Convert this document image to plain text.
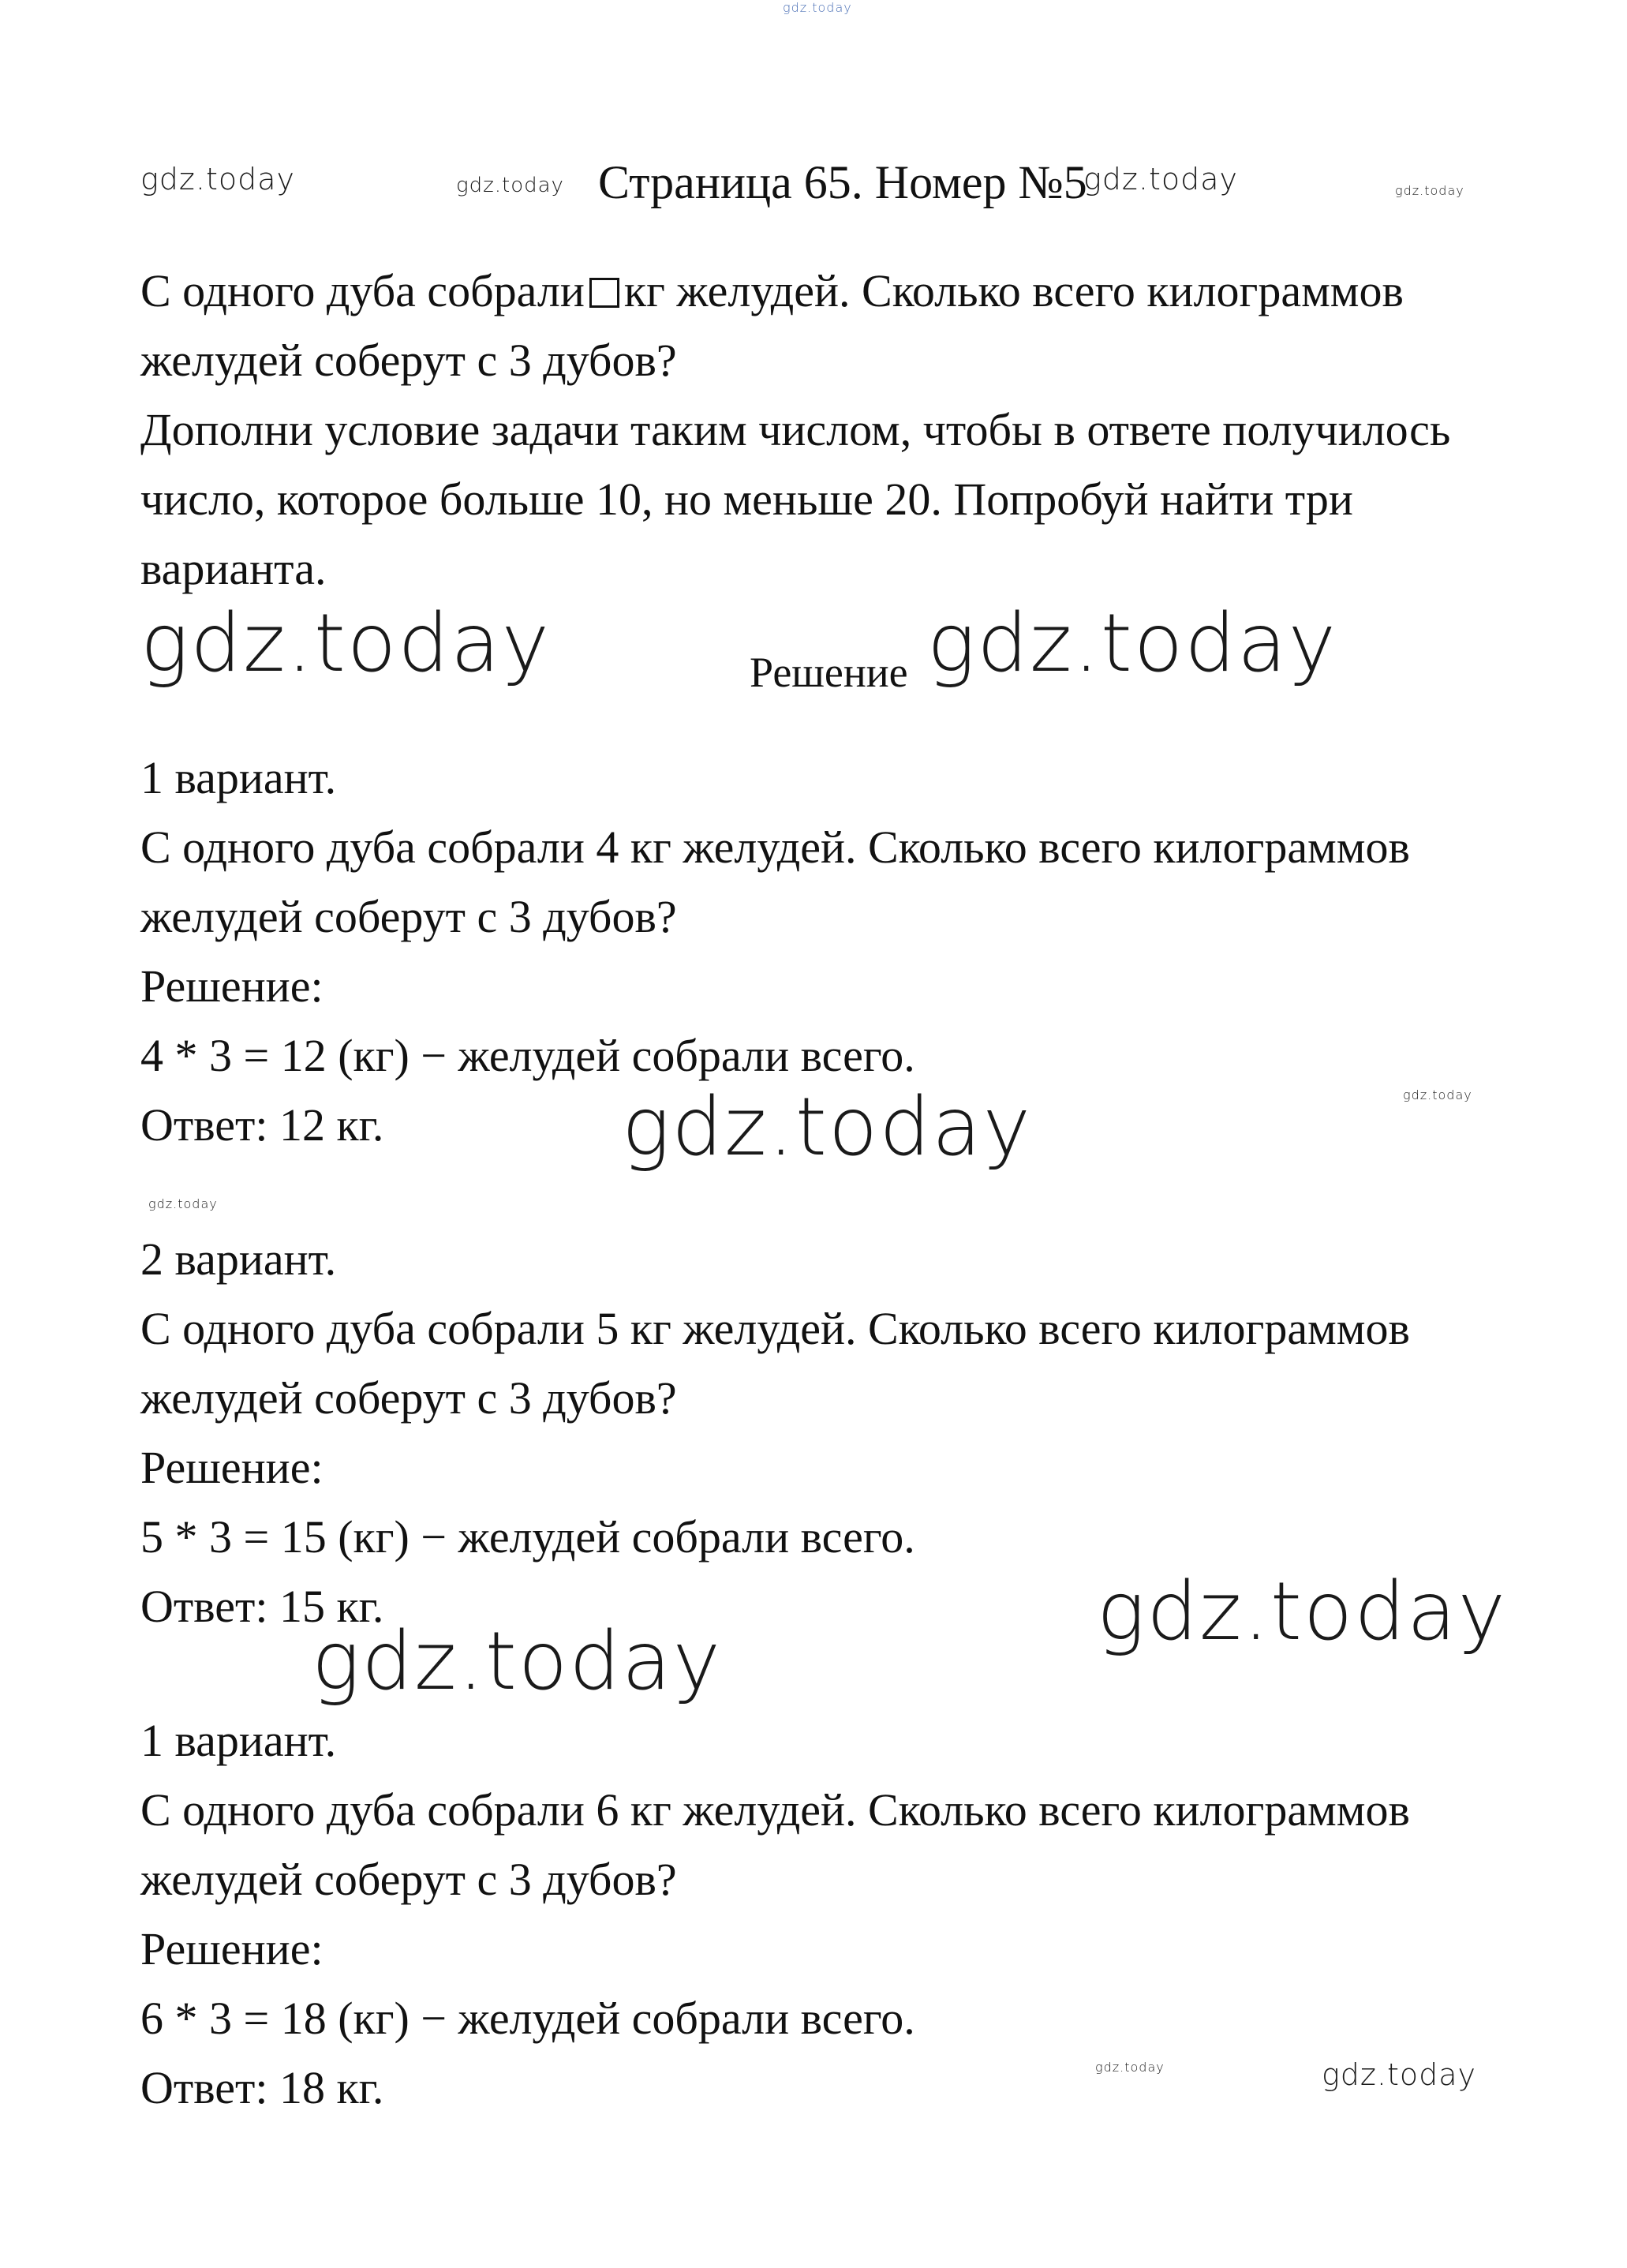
gdz.today
gdz.today	gdz.today	gdz.today	gdz.today
gdz.today	gdz.today
gdz.today	gdz.today
gdz.today
gdz.today
gdz.today
gdz.today	gdz.today
Страница 65. Номер №5
С одного дуба собрали кг желудей. Сколько всего килограммов
желудей соберут с 3 дубов?
Дополни условие задачи таким числом, чтобы в ответе получилось
число, которое больше 10, но меньше 20. Попробуй найти три
варианта.
Решение
1 вариант.
С одного дуба собрали 4 кг желудей. Сколько всего килограммов
желудей соберут с 3 дубов?
Решение:
4 * 3 = 12 (кг) − желудей собрали всего.
Ответ: 12 кг.
2 вариант.
С одного дуба собрали 5 кг желудей. Сколько всего килограммов
желудей соберут с 3 дубов?
Решение:
5 * 3 = 15 (кг) − желудей собрали всего.
Ответ: 15 кг.
1 вариант.
С одного дуба собрали 6 кг желудей. Сколько всего килограммов
желудей соберут с 3 дубов?
Решение:
6 * 3 = 18 (кг) − желудей собрали всего.
Ответ: 18 кг.
